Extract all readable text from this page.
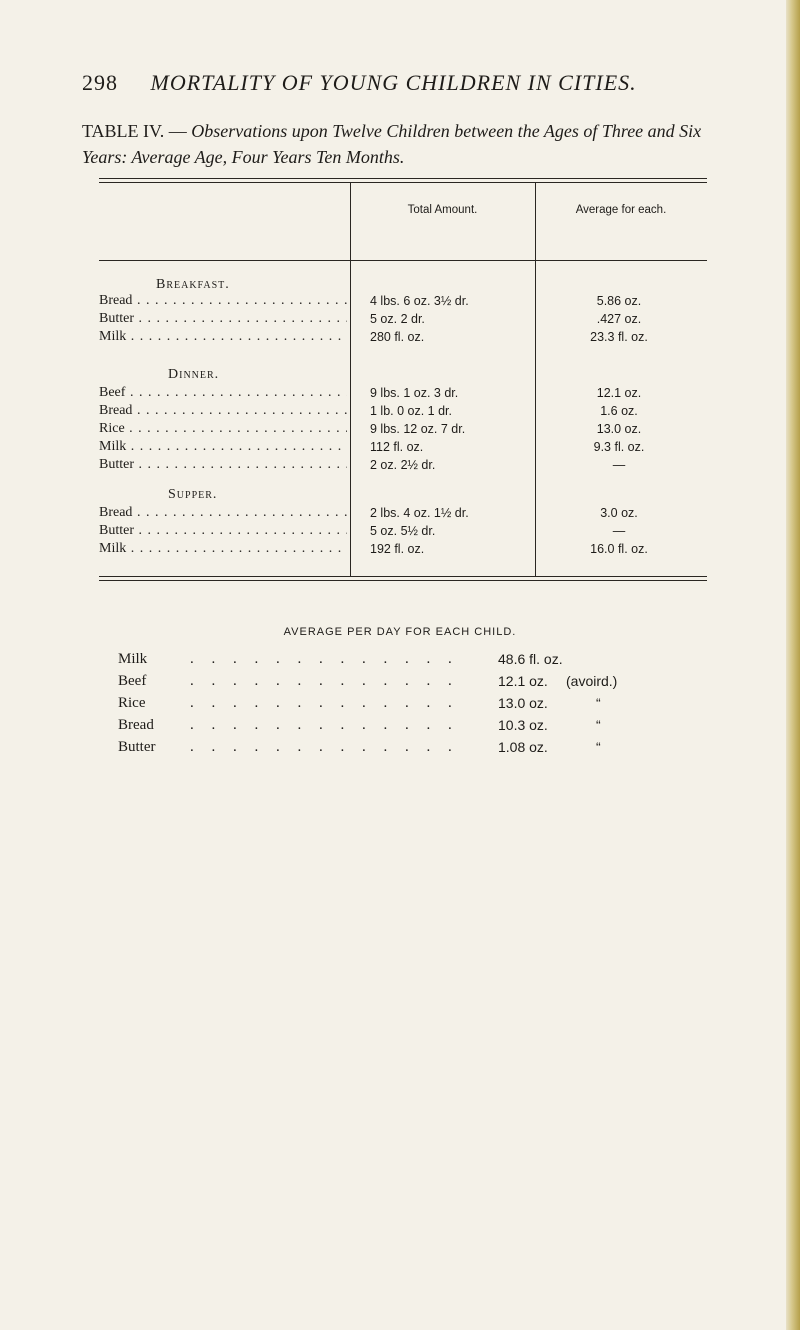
298 MORTALITY OF YOUNG CHILDREN IN CITIES.
TABLE IV. — Observations upon Twelve Children between the Ages of Three and Six Years: Average Age, Four Years Ten Months.
Total Amount.	Average for each.
Breakfast.
Bread . . .	4 lbs. 6 oz. 3½ dr.	5.86 oz.
Butter . . .	5 oz. 2 dr.	.427 oz.
Milk . . .	280 fl. oz.	23.3 fl. oz.
Dinner.
Beef . . .	9 lbs. 1 oz. 3 dr.	12.1 oz.
Bread . . .	1 lb. 0 oz. 1 dr.	1.6 oz.
Rice . . .	9 lbs. 12 oz. 7 dr.	13.0 oz.
Milk . . .	112 fl. oz.	9.3 fl. oz.
Butter . . .	2 oz. 2½ dr.	—
Supper.
Bread . . .	2 lbs. 4 oz. 1½ dr.	3.0 oz.
Butter . . .	5 oz. 5½ dr.	—
Milk . . .	192 fl. oz.	16.0 fl. oz.
AVERAGE PER DAY FOR EACH CHILD.
Milk	. . . . . . . . . . . . .	48.6 fl. oz.
Beef	. . . . . . . . . . . . .	12.1 oz. (avoird.)
Rice	. . . . . . . . . . . . .	13.0 oz.	“
Bread . . . . . . . . . . . . .	10.3 oz.	“
Butter . . . . . . . . . . . . .	1.08 oz.	“
